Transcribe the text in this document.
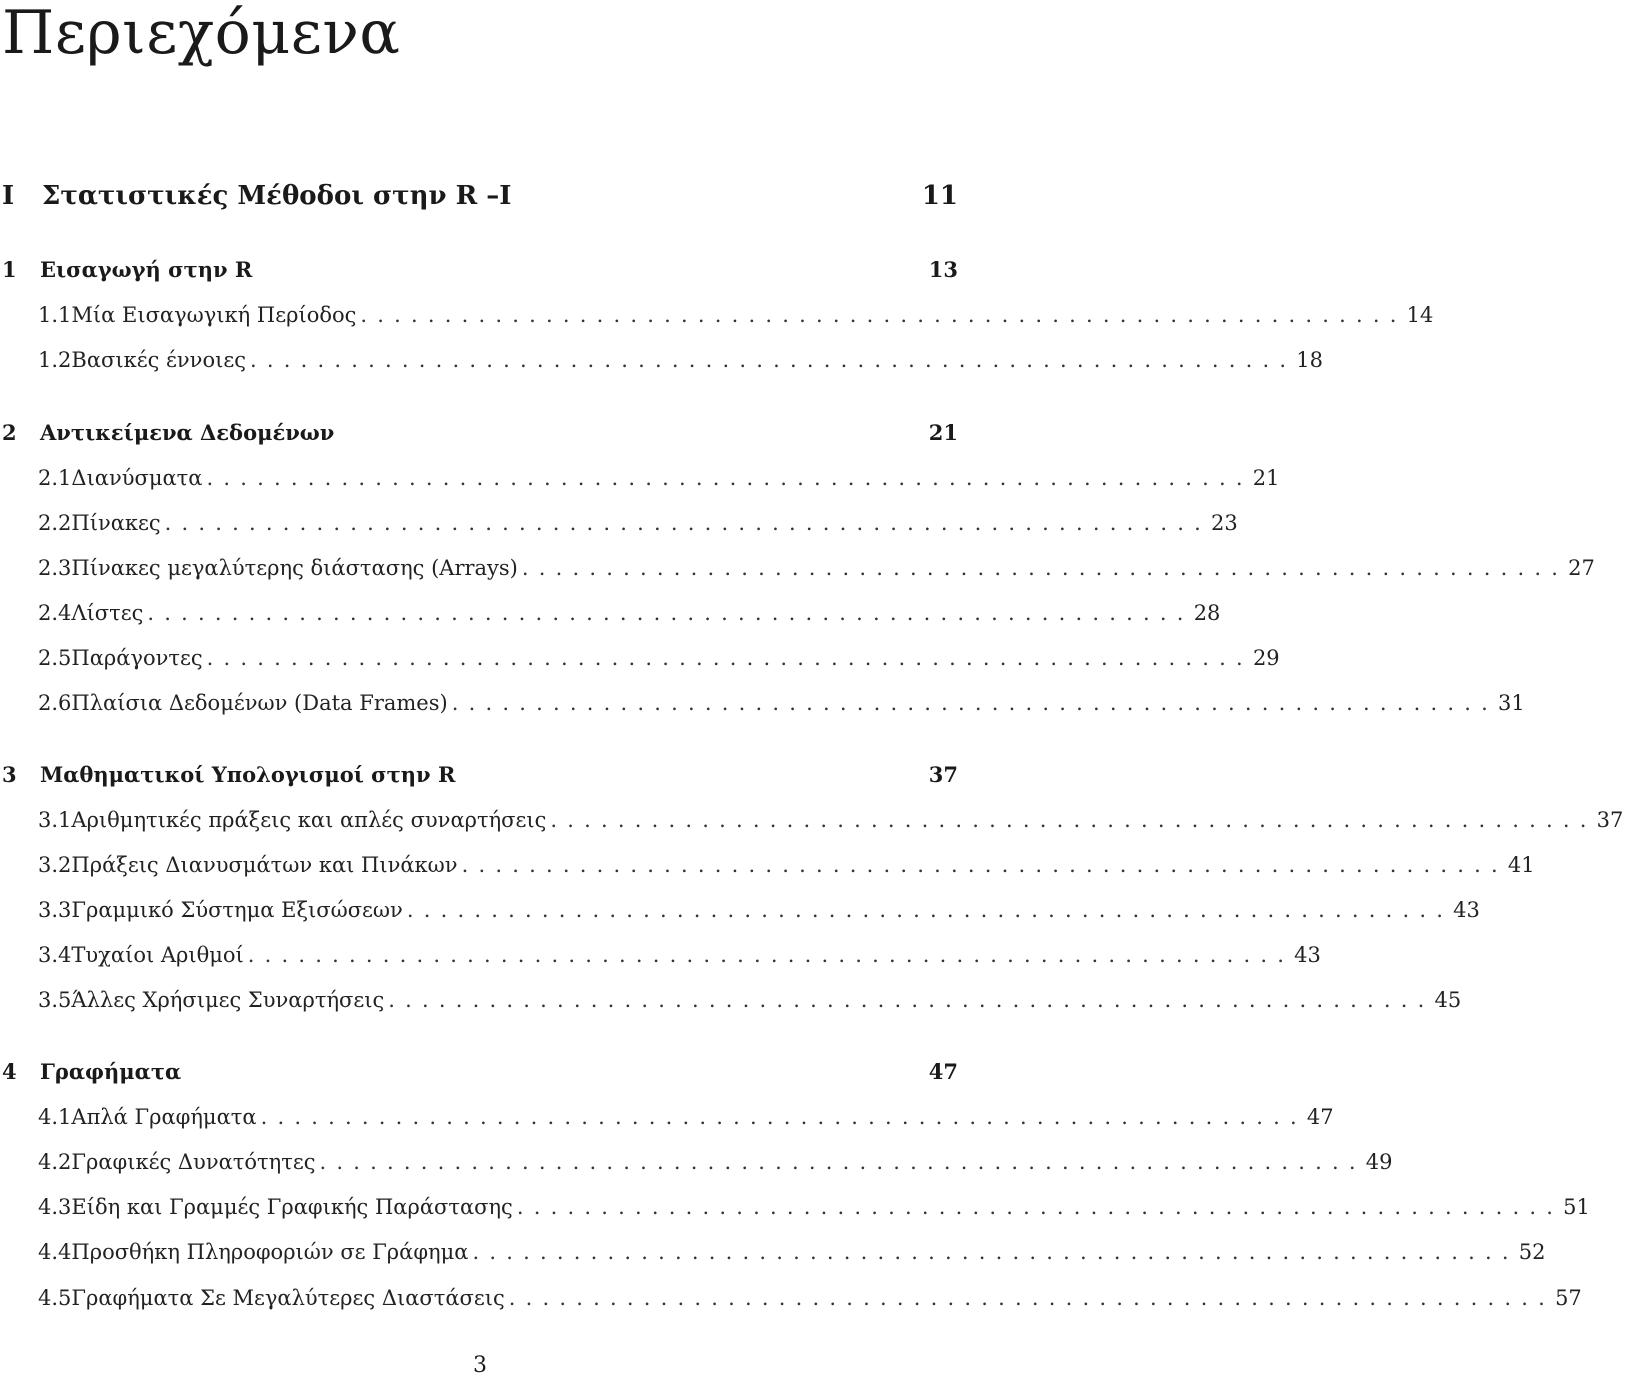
Περιεχόμενα
I	Στατιστικές Μέθοδοι στην R –I	11
1	Εισαγωγή στην R	13
1.1 Μία Εισαγωγική Περίοδος .............................................................. 14
1.2 Βασικές έννοιες .............................................................. 18
2	Αντικείμενα Δεδομένων	21
2.1 Διανύσματα .............................................................. 21
2.2 Πίνακες .............................................................. 23
2.3 Πίνακες μεγαλύτερης διάστασης (Arrays) .............................................................. 27
2.4 Λίστες .............................................................. 28
2.5 Παράγοντες .............................................................. 29
2.6 Πλαίσια Δεδομένων (Data Frames) .............................................................. 31
3	Μαθηματικοί Υπολογισμοί στην R	37
3.1 Αριθμητικές πράξεις και απλές συναρτήσεις .............................................................. 37
3.2 Πράξεις Διανυσμάτων και Πινάκων .............................................................. 41
3.3 Γραμμικό Σύστημα Εξισώσεων .............................................................. 43
3.4 Τυχαίοι Αριθμοί .............................................................. 43
3.5 Άλλες Χρήσιμες Συναρτήσεις .............................................................. 45
4	Γραφήματα	47
4.1 Απλά Γραφήματα .............................................................. 47
4.2 Γραφικές Δυνατότητες .............................................................. 49
4.3 Είδη και Γραμμές Γραφικής Παράστασης .............................................................. 51
4.4 Προσθήκη Πληροφοριών σε Γράφημα .............................................................. 52
4.5 Γραφήματα Σε Μεγαλύτερες Διαστάσεις .............................................................. 57
3
